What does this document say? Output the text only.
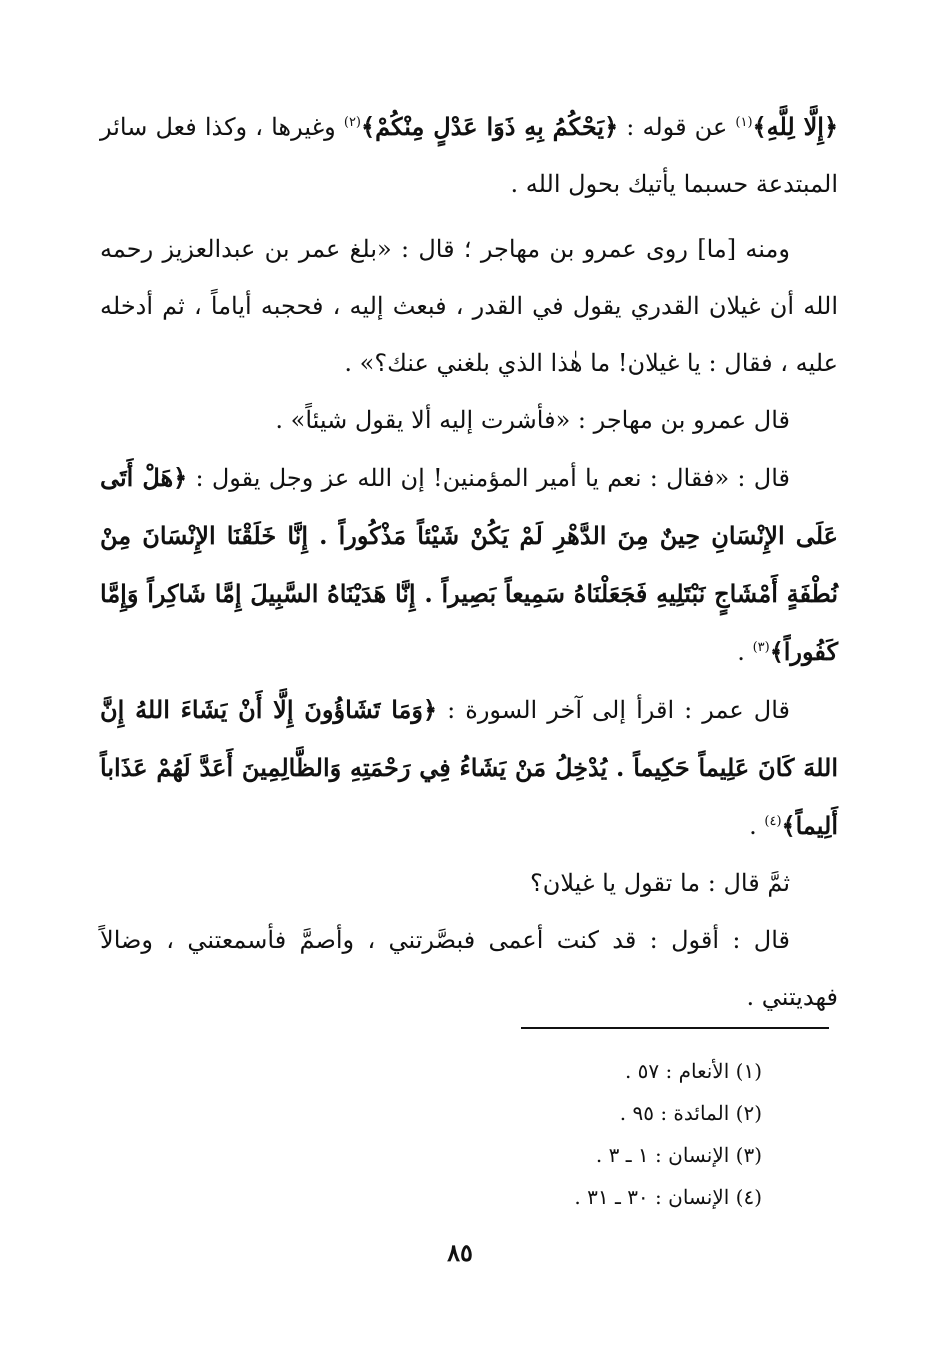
﴿إِلَّا لِلَّهِ﴾$^{(١)}$ عن قوله : ﴿يَحْكُمُ بِهِ ذَوَا عَدْلٍ مِنْكُمْ﴾$^{(٢)}$ وغيرها ، وكذا فعل سائر المبتدعة حسبما يأتيك بحول الله .

ومنه [ما] روى عمرو بن مهاجر ؛ قال : «بلغ عمر بن عبدالعزيز رحمه الله أن غيلان القدري يقول في القدر ، فبعث إليه ، فحجبه أياماً ، ثم أدخله عليه ، فقال : يا غيلان! ما هٰذا الذي بلغني عنك؟» .

قال عمرو بن مهاجر : «فأشرت إليه ألا يقول شيئاً» .

قال : «فقال : نعم يا أمير المؤمنين! إن الله عز وجل يقول : ﴿هَلْ أَتَى عَلَى الإِنْسَانِ حِينٌ مِنَ الدَّهْرِ لَمْ يَكُنْ شَيْئاً مَذْكُوراً . إِنَّا خَلَقْنَا الإِنْسَانَ مِنْ نُطْفَةٍ أَمْشَاجٍ نَبْتَلِيهِ فَجَعَلْنَاهُ سَمِيعاً بَصِيراً . إِنَّا هَدَيْنَاهُ السَّبِيلَ إِمَّا شَاكِراً وَإِمَّا كَفُوراً﴾$^{(٣)}$ .

قال عمر : اقرأ إلى آخر السورة : ﴿وَمَا تَشَاؤُونَ إِلَّا أَنْ يَشَاءَ اللهُ إِنَّ اللهَ كَانَ عَلِيماً حَكِيماً . يُدْخِلُ مَنْ يَشَاءُ فِي رَحْمَتِهِ وَالظَّالِمِينَ أَعَدَّ لَهُمْ عَذَاباً أَلِيماً﴾$^{(٤)}$ .

ثمَّ قال : ما تقول يا غيلان؟

قال : أقول : قد كنت أعمى فبصَّرتني ، وأصمَّ فأسمعتني ، وضالاً فهديتني .

(١) الأنعام : ٥٧ .
(٢) المائدة : ٩٥ .
(٣) الإنسان : ١ ـ ٣ .
(٤) الإنسان : ٣٠ ـ ٣١ .
٨٥
